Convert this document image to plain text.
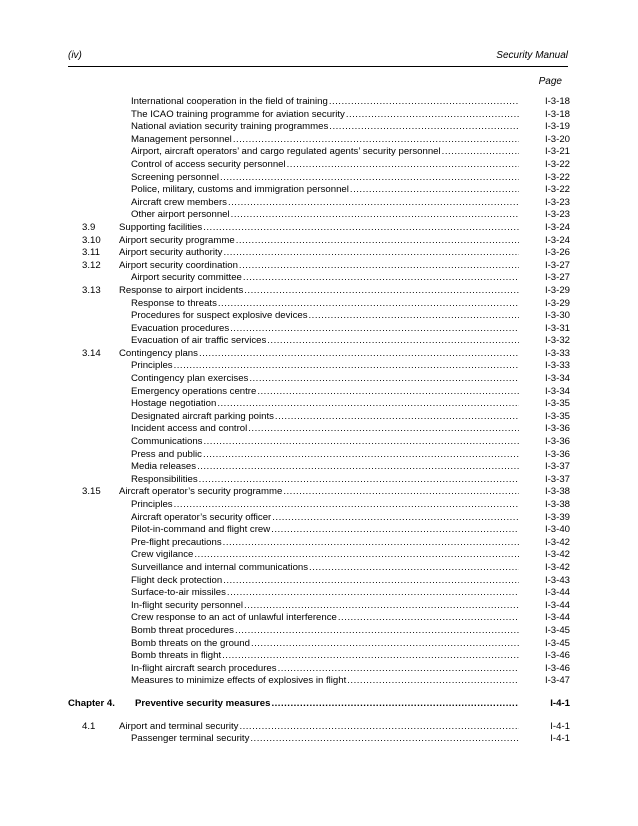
(iv)	Security Manual
Page
International cooperation in the field of training .....	I-3-18
The ICAO training programme for aviation security .....	I-3-18
National aviation security training programmes .....	I-3-19
Management personnel .....	I-3-20
Airport, aircraft operators’ and cargo regulated agents’ security personnel .....	I-3-21
Control of access security personnel .....	I-3-22
Screening personnel .....	I-3-22
Police, military, customs and immigration personnel .....	I-3-22
Aircraft crew members .....	I-3-23
Other airport personnel .....	I-3-23
3.9	Supporting facilities .....	I-3-24
3.10	Airport security programme .....	I-3-24
3.11	Airport security authority .....	I-3-26
3.12	Airport security coordination .....	I-3-27
Airport security committee .....	I-3-27
3.13	Response to airport incidents .....	I-3-29
Response to threats .....	I-3-29
Procedures for suspect explosive devices .....	I-3-30
Evacuation procedures .....	I-3-31
Evacuation of air traffic services .....	I-3-32
3.14	Contingency plans .....	I-3-33
Principles .....	I-3-33
Contingency plan exercises .....	I-3-34
Emergency operations centre .....	I-3-34
Hostage negotiation .....	I-3-35
Designated aircraft parking points .....	I-3-35
Incident access and control .....	I-3-36
Communications .....	I-3-36
Press and public .....	I-3-36
Media releases .....	I-3-37
Responsibilities .....	I-3-37
3.15	Aircraft operator’s security programme .....	I-3-38
Principles .....	I-3-38
Aircraft operator’s security officer .....	I-3-39
Pilot-in-command and flight crew .....	I-3-40
Pre-flight precautions .....	I-3-42
Crew vigilance .....	I-3-42
Surveillance and internal communications .....	I-3-42
Flight deck protection .....	I-3-43
Surface-to-air missiles .....	I-3-44
In-flight security personnel .....	I-3-44
Crew response to an act of unlawful interference .....	I-3-44
Bomb threat procedures .....	I-3-45
Bomb threats on the ground .....	I-3-45
Bomb threats in flight .....	I-3-46
In-flight aircraft search procedures .....	I-3-46
Measures to minimize effects of explosives in flight .....	I-3-47
Chapter 4.	Preventive security measures .....	I-4-1
4.1	Airport and terminal security .....	I-4-1
Passenger terminal security .....	I-4-1
